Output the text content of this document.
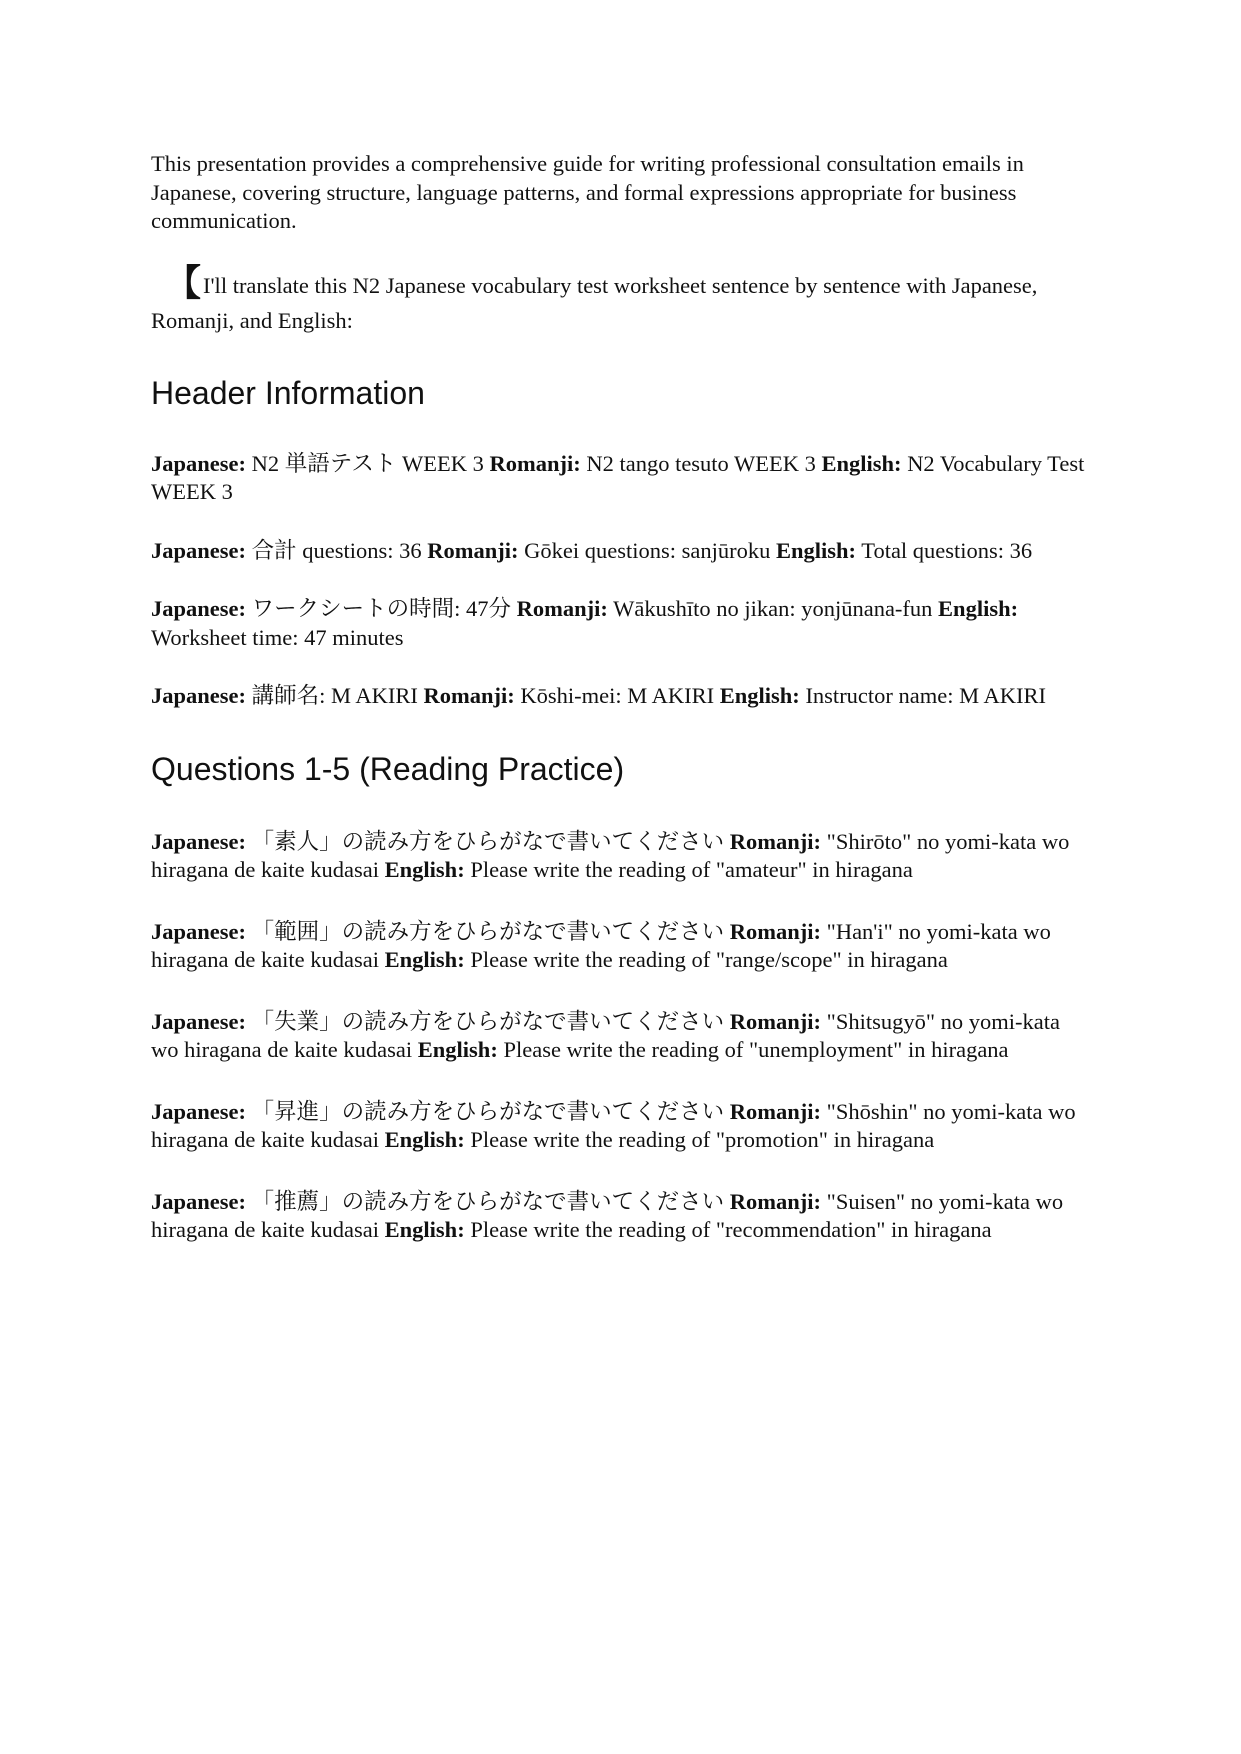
This presentation provides a comprehensive guide for writing professional consultation emails in Japanese, covering structure, language patterns, and formal expressions appropriate for business communication.

【I'll translate this N2 Japanese vocabulary test worksheet sentence by sentence with Japanese, Romanji, and English:

Header Information

Japanese: N2 単語テスト WEEK 3 Romanji: N2 tango tesuto WEEK 3 English: N2 Vocabulary Test WEEK 3

Japanese: 合計 questions: 36 Romanji: Gōkei questions: sanjūroku English: Total questions: 36

Japanese: ワークシートの時間: 47分 Romanji: Wākushīto no jikan: yonjūnana-fun English: Worksheet time: 47 minutes

Japanese: 講師名: M AKIRI Romanji: Kōshi-mei: M AKIRI English: Instructor name: M AKIRI

Questions 1-5 (Reading Practice)

Japanese: 「素人」の読み方をひらがなで書いてください Romanji: "Shirōto" no yomi-kata wo hiragana de kaite kudasai English: Please write the reading of "amateur" in hiragana

Japanese: 「範囲」の読み方をひらがなで書いてください Romanji: "Han'i" no yomi-kata wo hiragana de kaite kudasai English: Please write the reading of "range/scope" in hiragana

Japanese: 「失業」の読み方をひらがなで書いてください Romanji: "Shitsugyō" no yomi-kata wo hiragana de kaite kudasai English: Please write the reading of "unemployment" in hiragana

Japanese: 「昇進」の読み方をひらがなで書いてください Romanji: "Shōshin" no yomi-kata wo hiragana de kaite kudasai English: Please write the reading of "promotion" in hiragana

Japanese: 「推薦」の読み方をひらがなで書いてください Romanji: "Suisen" no yomi-kata wo hiragana de kaite kudasai English: Please write the reading of "recommendation" in hiragana
